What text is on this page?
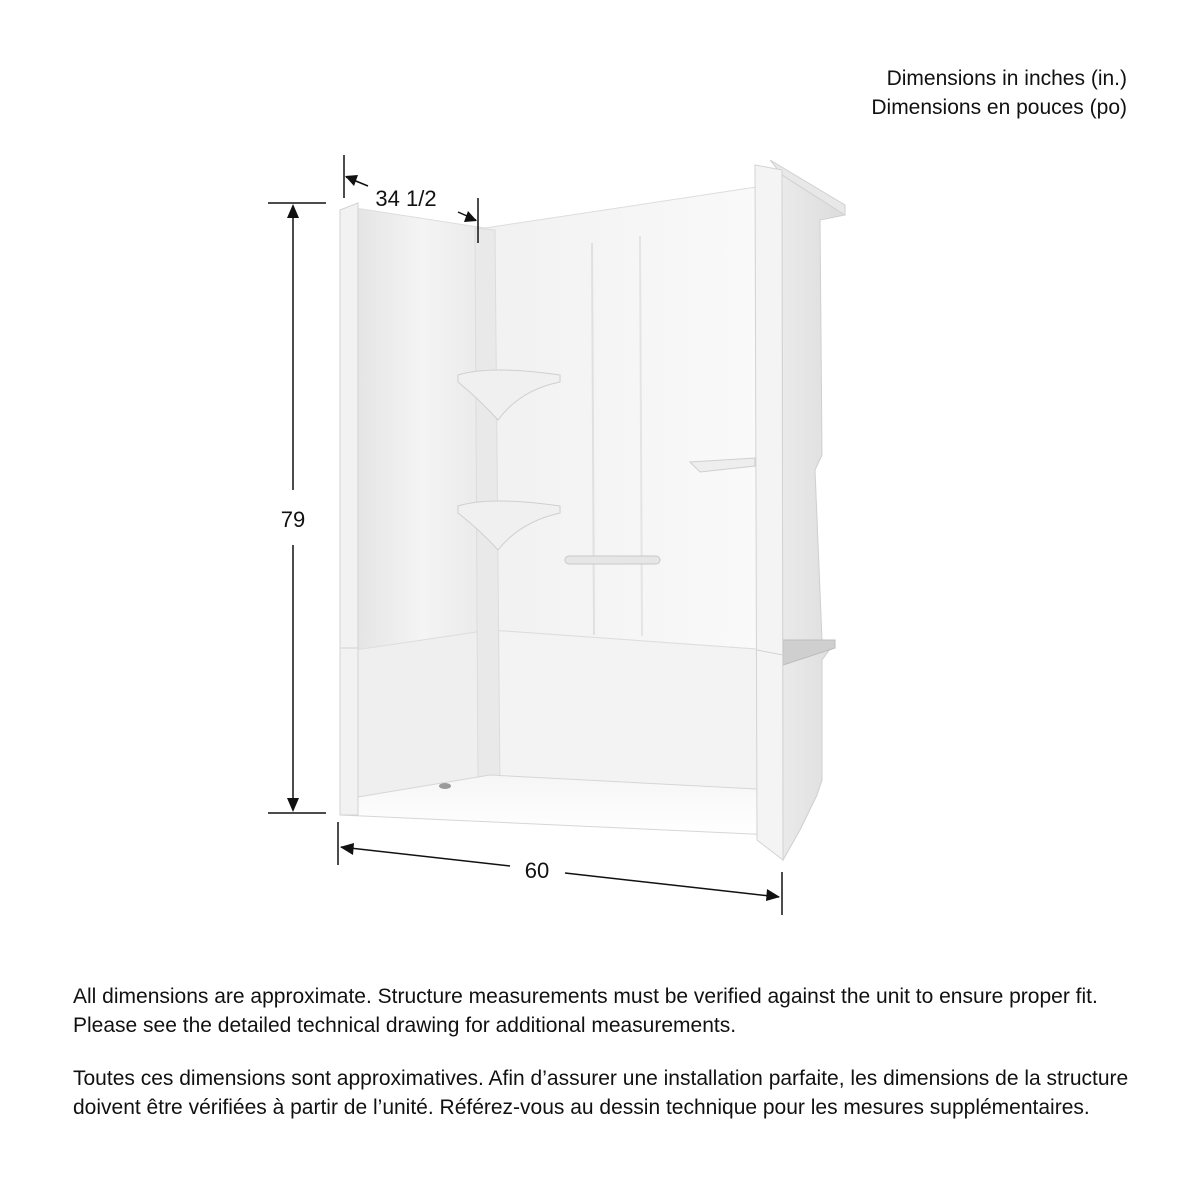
Dimensions in inches (in.)
Dimensions en pouces (po)
79
60
34 1/2
All dimensions are approximate. Structure measurements must be verified against the unit to ensure proper fit. Please see the detailed technical drawing for additional measurements.
Toutes ces dimensions sont approximatives. Afin d’assurer une installation parfaite, les dimensions de la structure doivent être vérifiées à partir de l’unité. Référez-vous au dessin technique pour les mesures supplémentaires.
